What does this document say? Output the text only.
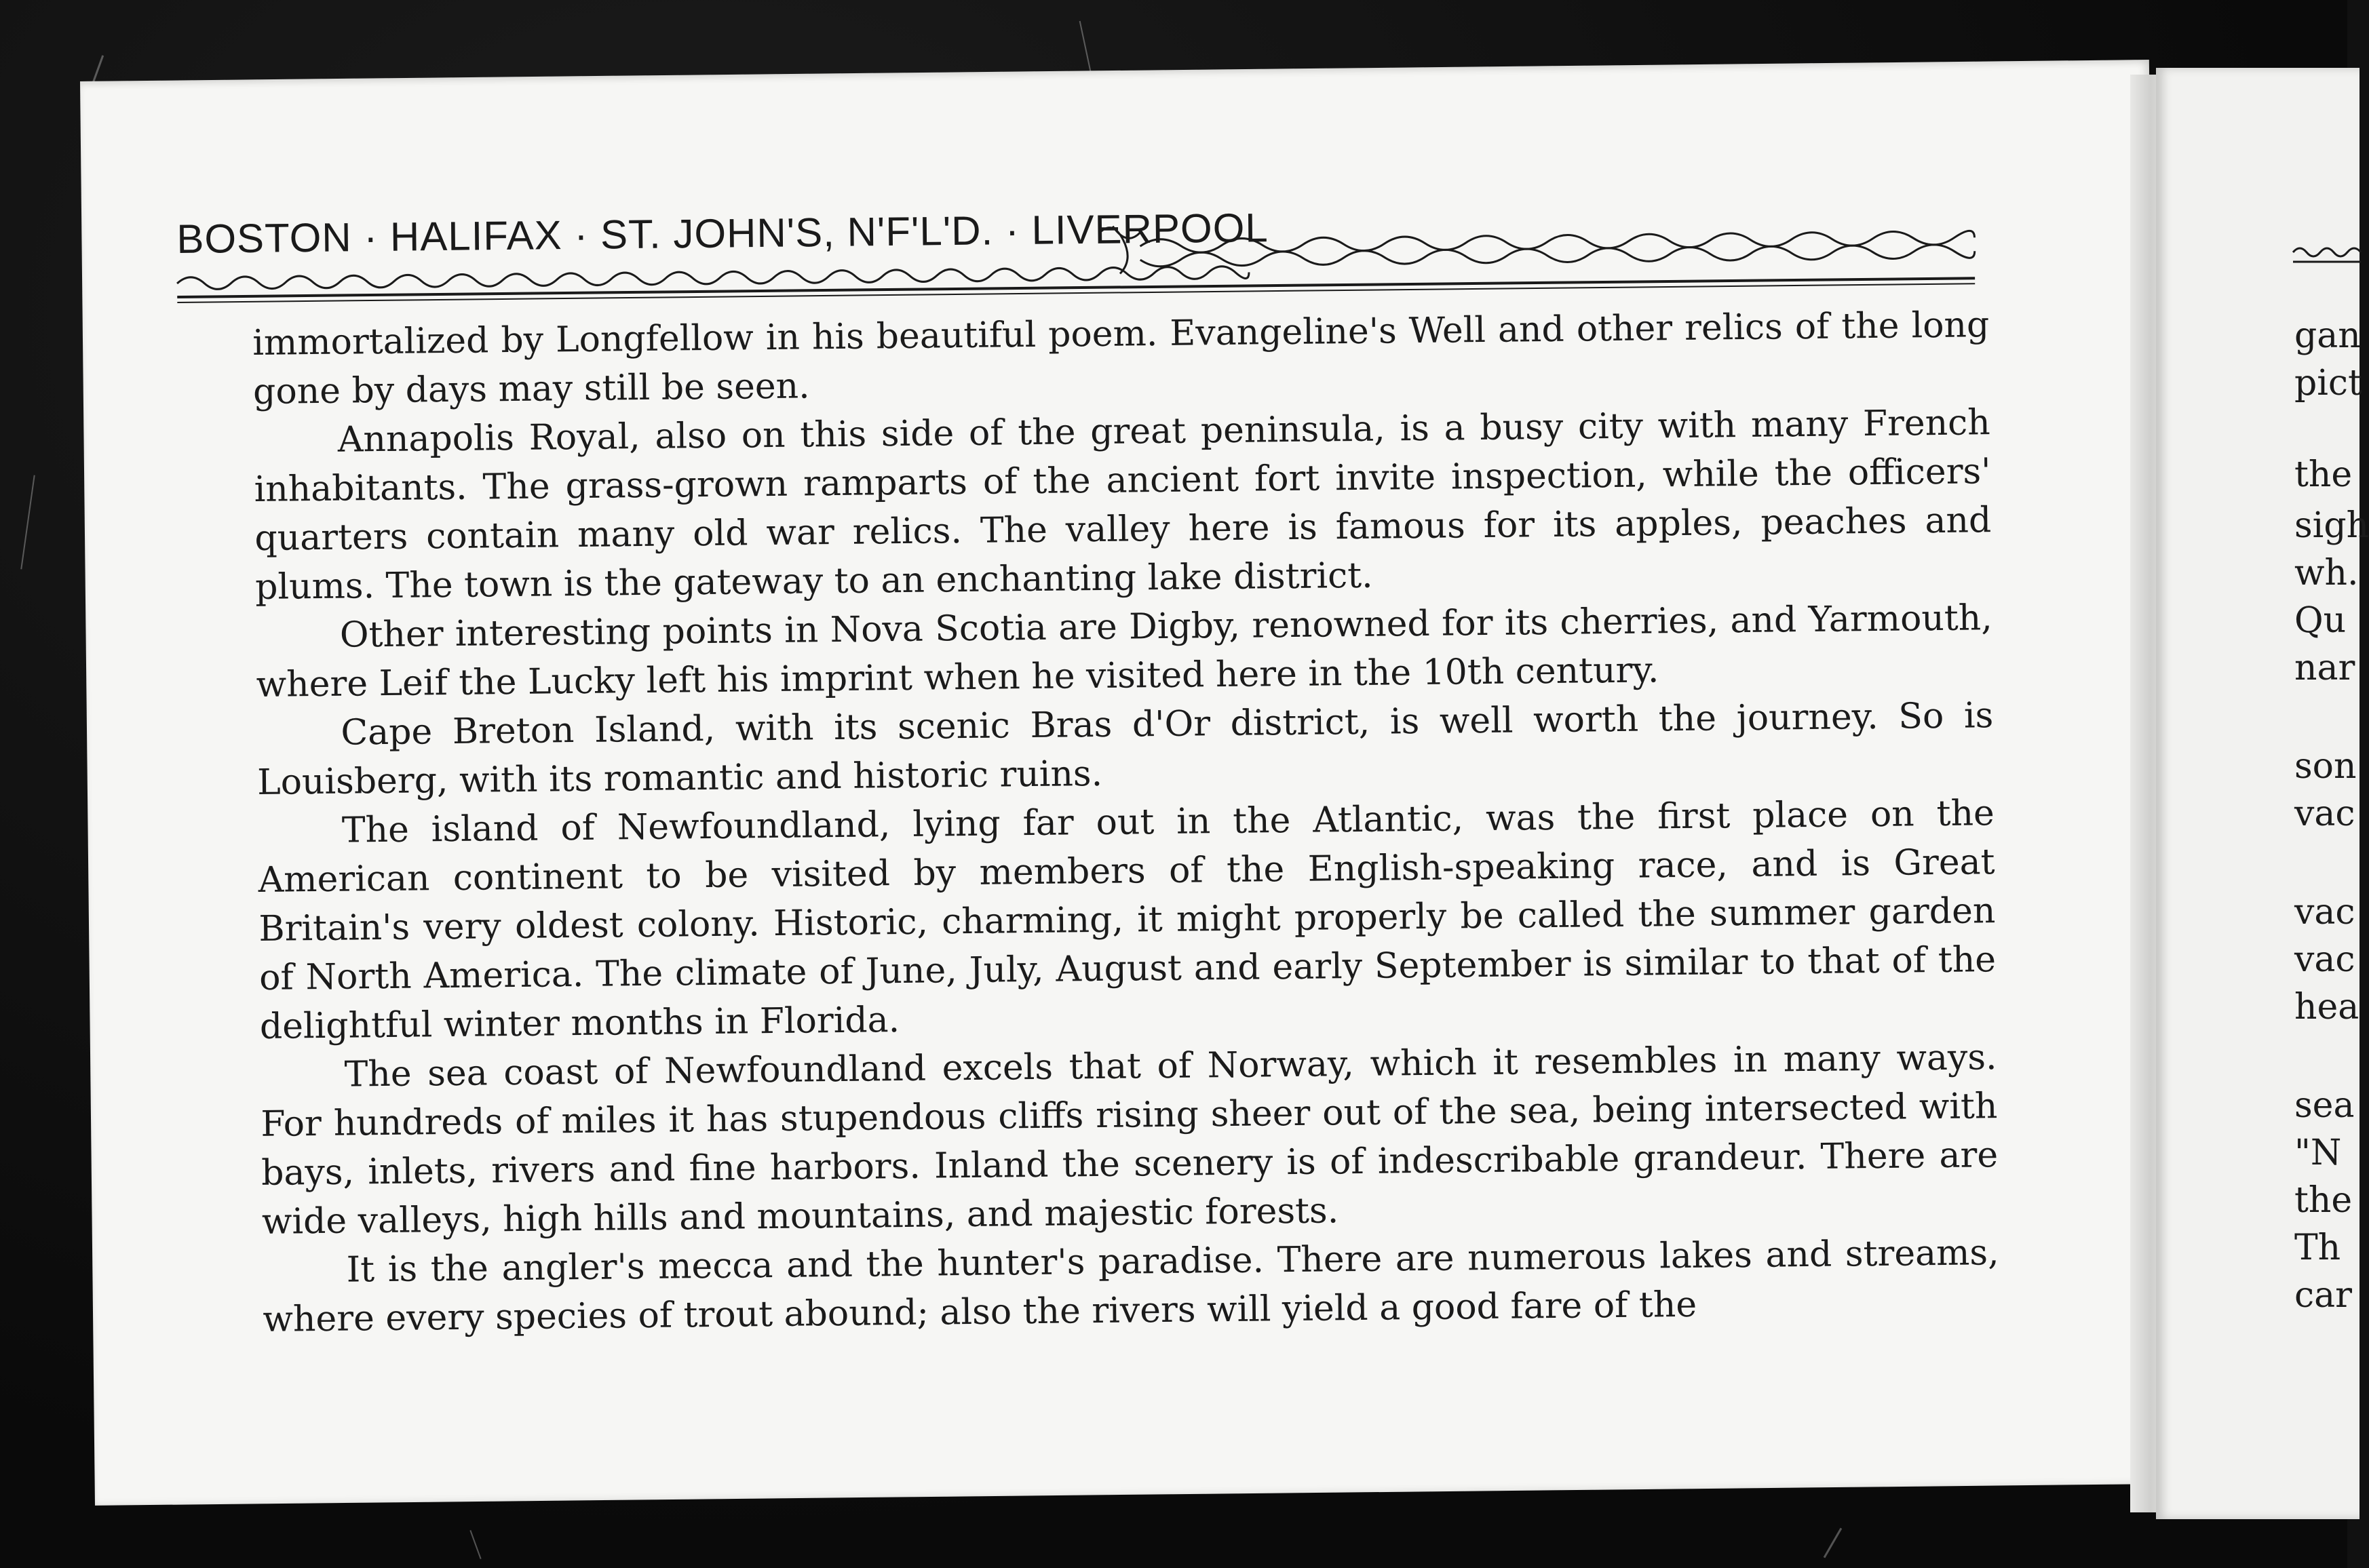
BOSTON · HALIFAX · ST. JOHN'S, N'F'L'D. · LIVERPOOL

immortalized by Longfellow in his beautiful poem. Evangeline's Well and other relics of the long gone by days may still be seen.

Annapolis Royal, also on this side of the great peninsula, is a busy city with many French inhabitants. The grass-grown ramparts of the ancient fort invite inspection, while the officers' quarters contain many old war relics. The valley here is famous for its apples, peaches and plums. The town is the gateway to an enchanting lake district.

Other interesting points in Nova Scotia are Digby, renowned for its cherries, and Yarmouth, where Leif the Lucky left his imprint when he visited here in the 10th century.

Cape Breton Island, with its scenic Bras d'Or district, is well worth the journey. So is Louisberg, with its romantic and historic ruins.

The island of Newfoundland, lying far out in the Atlantic, was the first place on the American continent to be visited by members of the English-speaking race, and is Great Britain's very oldest colony. Historic, charming, it might properly be called the summer garden of North America. The climate of June, July, August and early September is similar to that of the delightful winter months in Florida.

The sea coast of Newfoundland excels that of Norway, which it resembles in many ways. For hundreds of miles it has stupendous cliffs rising sheer out of the sea, being intersected with bays, inlets, rivers and fine harbors. Inland the scenery is of indescribable grandeur. There are wide valleys, high hills and mountains, and majestic forests.

It is the angler's mecca and the hunter's paradise. There are numerous lakes and streams, where every species of trout abound; also the rivers will yield a good fare of the

gan
pict
the
sigh
wh.
Qu
nar
son
vac
vac
vac
hea
sea
"N
the
Th
car
